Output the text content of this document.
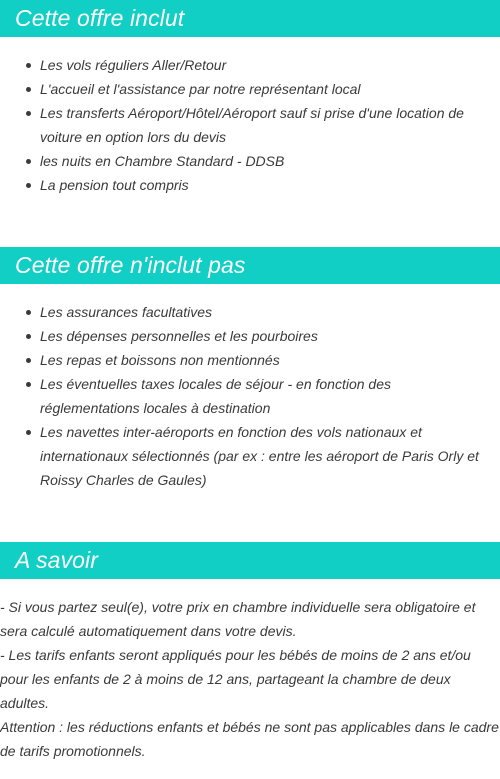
Cette offre inclut
Les vols réguliers Aller/Retour
L'accueil et l'assistance par notre représentant local
Les transferts Aéroport/Hôtel/Aéroport sauf si prise d'une location de voiture en option lors du devis
les nuits en Chambre Standard - DDSB
La pension tout compris
Cette offre n'inclut pas
Les assurances facultatives
Les dépenses personnelles et les pourboires
Les repas et boissons non mentionnés
Les éventuelles taxes locales de séjour - en fonction des réglementations locales à destination
Les navettes inter-aéroports en fonction des vols nationaux et internationaux sélectionnés (par ex : entre les aéroport de Paris Orly et Roissy Charles de Gaules)
A savoir

- Si vous partez seul(e), votre prix en chambre individuelle sera obligatoire et sera calculé automatiquement dans votre devis.

- Les tarifs enfants seront appliqués pour les bébés de moins de 2 ans et/ou pour les enfants de 2 à moins de 12 ans, partageant la chambre de deux adultes.

Attention : les réductions enfants et bébés ne sont pas applicables dans le cadre de tarifs promotionnels.
